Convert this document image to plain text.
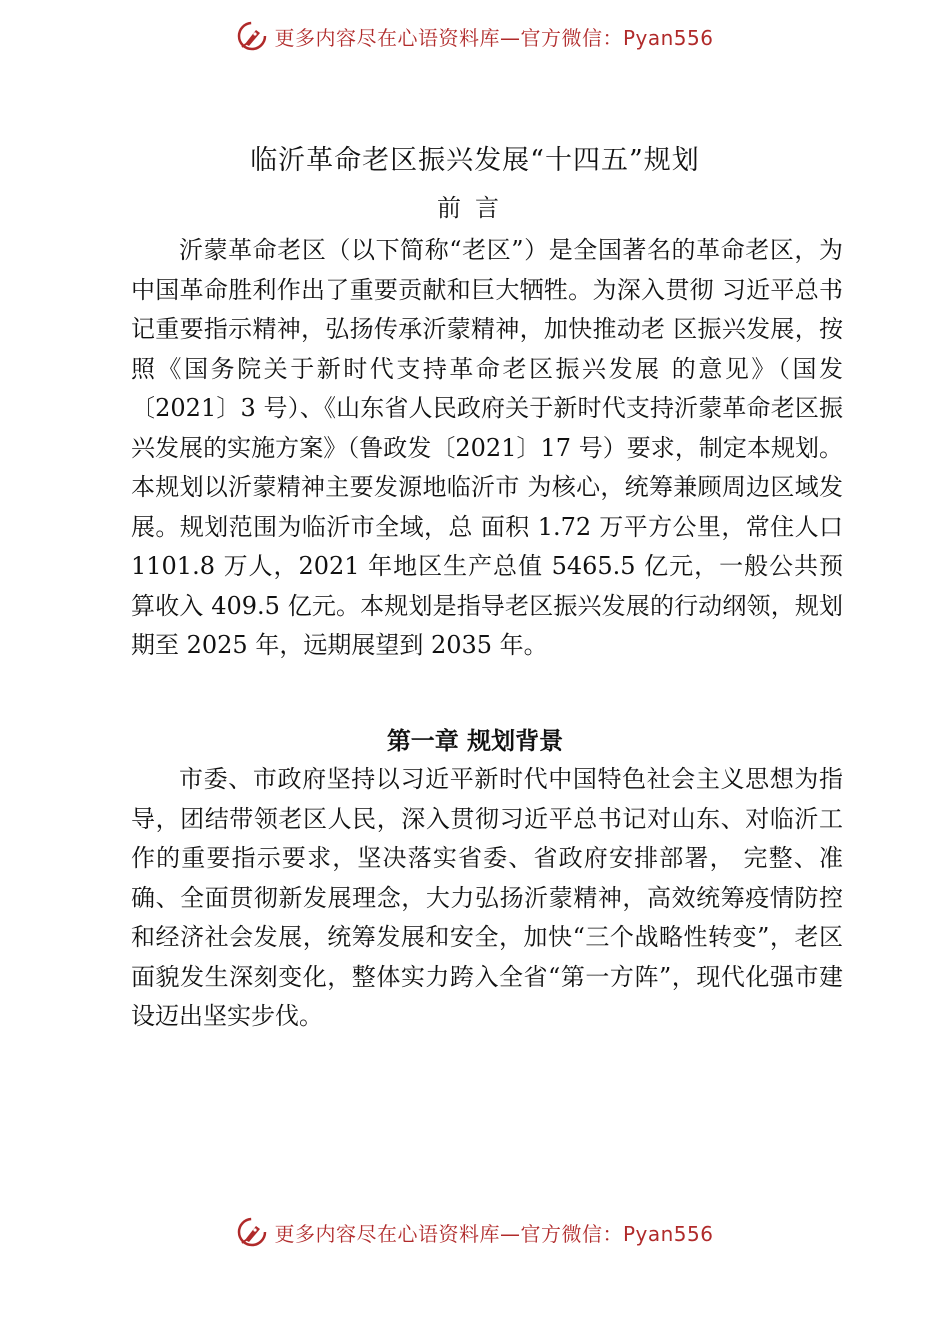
更多内容尽在心语资料库—官方微信：Pyan556
临沂革命老区振兴发展“十四五”规划
前言

沂蒙革命老区（以下简称“老区”）是全国著名的革命老区，为中国革命胜利作出了重要贡献和巨大牺牲。为深入贯彻 习近平总书记重要指示精神，弘扬传承沂蒙精神，加快推动老 区振兴发展，按照《国务院关于新时代支持革命老区振兴发展 的意见》（国发〔2021〕3 号）、《山东省人民政府关于新时代支持沂蒙革命老区振兴发展的实施方案》（鲁政发〔2021〕17 号）要求，制定本规划。本规划以沂蒙精神主要发源地临沂市 为核心，统筹兼顾周边区域发展。规划范围为临沂市全域，总 面积 1.72 万平方公里，常住人口 1101.8 万人，2021 年地区生产总值 5465.5 亿元，一般公共预算收入 409.5 亿元。本规划是指导老区振兴发展的行动纲领，规划期至 2025 年，远期展望到 2035 年。

第一章 规划背景

市委、市政府坚持以习近平新时代中国特色社会主义思想为指导，团结带领老区人民，深入贯彻习近平总书记对山东、对临沂工作的重要指示要求，坚决落实省委、省政府安排部署， 完整、准确、全面贯彻新发展理念，大力弘扬沂蒙精神，高效统筹疫情防控和经济社会发展，统筹发展和安全，加快“三个战略性转变”，老区面貌发生深刻变化，整体实力跨入全省“第一方阵”，现代化强市建设迈出坚实步伐。

更多内容尽在心语资料库—官方微信：Pyan556
